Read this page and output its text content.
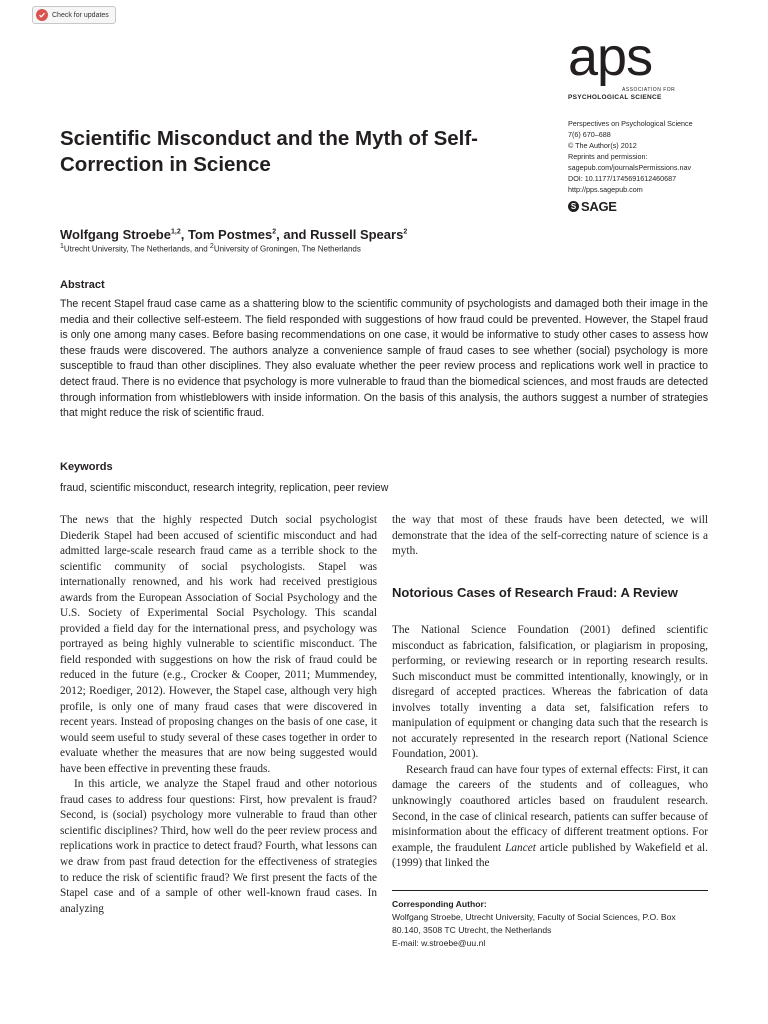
Check for updates
aps
ASSOCIATION FOR
PSYCHOLOGICAL SCIENCE
Perspectives on Psychological Science
7(6) 670–688
© The Author(s) 2012
Reprints and permission:
sagepub.com/journalsPermissions.nav
DOI: 10.1177/1745691612460687
http://pps.sagepub.com
S SAGE
Scientific Misconduct and the Myth of Self-Correction in Science
Wolfgang Stroebe$^{1,2}$, Tom Postmes$^2$, and Russell Spears$^2$
$^1$Utrecht University, The Netherlands, and $^2$University of Groningen, The Netherlands
Abstract
The recent Stapel fraud case came as a shattering blow to the scientific community of psychologists and damaged both their image in the media and their collective self-esteem. The field responded with suggestions of how fraud could be prevented. However, the Stapel fraud is only one among many cases. Before basing recommendations on one case, it would be informative to study other cases to assess how these frauds were discovered. The authors analyze a convenience sample of fraud cases to see whether (social) psychology is more susceptible to fraud than other disciplines. They also evaluate whether the peer review process and replications work well in practice to detect fraud. There is no evidence that psychology is more vulnerable to fraud than the biomedical sciences, and most frauds are detected through information from whistleblowers with inside information. On the basis of this analysis, the authors suggest a number of strategies that might reduce the risk of scientific fraud.
Keywords
fraud, scientific misconduct, research integrity, replication, peer review

The news that the highly respected Dutch social psychologist Diederik Stapel had been accused of scientific misconduct and had admitted large-scale research fraud came as a terrible shock to the scientific community of social psychologists. Stapel was internationally renowned, and his work had received prestigious awards from the European Association of Social Psychology and the U.S. Society of Experimental Social Psychology. This scandal provided a field day for the international press, and psychology was portrayed as being highly vulnerable to scientific misconduct. The field responded with suggestions on how the risk of fraud could be reduced in the future (e.g., Crocker & Cooper, 2011; Mummendey, 2012; Roediger, 2012). However, the Stapel case, although very high profile, is only one of many fraud cases that were discovered in recent years. Instead of proposing changes on the basis of one case, it would seem useful to study several of these cases together in order to evaluate whether the measures that are now being suggested would have been effective in preventing these frauds.

In this article, we analyze the Stapel fraud and other notorious fraud cases to address four questions: First, how prevalent is fraud? Second, is (social) psychology more vulnerable to fraud than other scientific disciplines? Third, how well do the peer review process and replications work in practice to detect fraud? Fourth, what lessons can we draw from past fraud detection for the effectiveness of strategies to reduce the risk of scientific fraud? We first present the facts of the Stapel case and of a sample of other well-known fraud cases. In analyzing

the way that most of these frauds have been detected, we will demonstrate that the idea of the self-correcting nature of science is a myth.

Notorious Cases of Research Fraud: A Review

The National Science Foundation (2001) defined scientific misconduct as fabrication, falsification, or plagiarism in proposing, performing, or reviewing research or in reporting research results. Such misconduct must be committed intentionally, knowingly, or in disregard of accepted practices. Whereas the fabrication of data involves totally inventing a data set, falsification refers to manipulation of equipment or changing data such that the research is not accurately represented in the research report (National Science Foundation, 2001).

Research fraud can have four types of external effects: First, it can damage the careers of the students and of colleagues, who unknowingly coauthored articles based on fraudulent research. Second, in the case of clinical research, patients can suffer because of misinformation about the efficacy of different treatment options. For example, the fraudulent Lancet article published by Wakefield et al. (1999) that linked the

Corresponding Author:
Wolfgang Stroebe, Utrecht University, Faculty of Social Sciences, P.O. Box
80.140, 3508 TC Utrecht, the Netherlands
E-mail: w.stroebe@uu.nl
